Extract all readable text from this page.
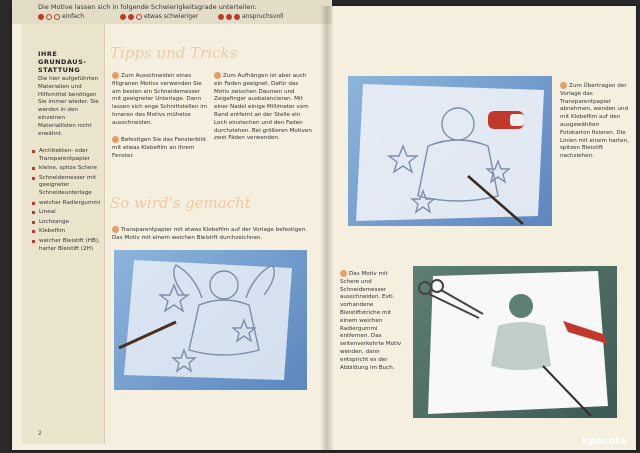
Die Motive lassen sich in folgende Schwierigkeitsgrade unterteilen:
einfach	etwas schwieriger	anspruchsvoll
IHRE GRUNDAUS-STATTUNG
Die hier aufgeführten Materialien und Hilfsmittel benötigen Sie immer wieder. Sie werden in den einzelnen Materiallisten nicht erwähnt.
Architekten- oder Transparentpapier
kleine, spitze Schere
Schneidemesser mit geeigneter Schneideunterlage
weicher Radiergummi
Lineal
Lochzange
Klebefilm
weicher Bleistift (HB), harter Bleistift (2H)
Tipps und Tricks
Zum Ausschneiden eines filigranen Motivs verwenden Sie am besten ein Schneidemesser mit geeigneter Unterlage. Dann lassen sich enge Schnittstellen im Inneren des Motivs mühelos ausschneiden.
Befestigen Sie das Fensterbild mit etwas Klebefilm an Ihrem Fenster.
Zum Aufhängen ist aber auch ein Faden geeignet. Dafür das Motiv zwischen Daumen und Zeigefinger ausbalancieren. Mit einer Nadel einige Millimeter vom Rand entfernt an der Stelle ein Loch einstechen und den Faden durchziehen. Bei größeren Motiven zwei Fäden verwenden.
So wird's gemacht
Transparentpapier mit etwas Klebefilm auf der Vorlage befestigen. Das Motiv mit einem weichen Bleistift durchzeichnen.
Zum Übertragen der Vorlage das Transparentpapier abnehmen, wenden und mit Klebefilm auf den ausgewählten Fotokarton fixieren. Die Linien mit einem harten, spitzen Bleistift nachziehen.
Das Motiv mit Schere und Schneidemesser ausschneiden. Evtl. vorhandene Bleistiftstriche mit einem weichen Radiergummi entfernen. Das seitenverkehrte Motiv wenden, dann entspricht es der Abbildung im Buch.
2
kpacota
